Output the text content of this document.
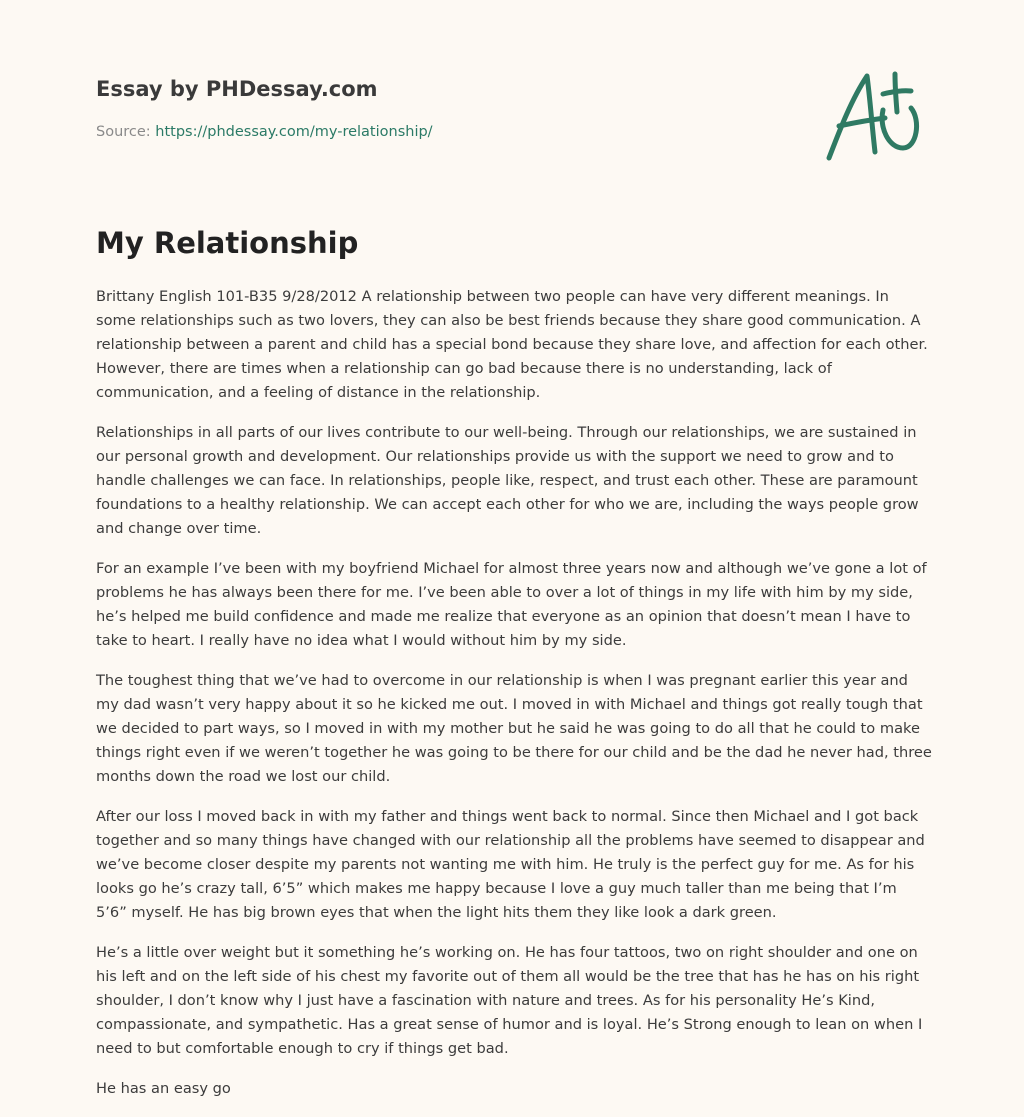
Essay by PHDessay.com
Source: https://phdessay.com/my-relationship/
My Relationship

Brittany English 101-B35 9/28/2012 A relationship between two people can have very different meanings. In some relationships such as two lovers, they can also be best friends because they share good communication. A relationship between a parent and child has a special bond because they share love, and affection for each other. However, there are times when a relationship can go bad because there is no understanding, lack of communication, and a feeling of distance in the relationship.

Relationships in all parts of our lives contribute to our well-being. Through our relationships, we are sustained in our personal growth and development. Our relationships provide us with the support we need to grow and to handle challenges we can face. In relationships, people like, respect, and trust each other. These are paramount foundations to a healthy relationship. We can accept each other for who we are, including the ways people grow and change over time.

For an example I’ve been with my boyfriend Michael for almost three years now and although we’ve gone a lot of problems he has always been there for me. I’ve been able to over a lot of things in my life with him by my side, he’s helped me build confidence and made me realize that everyone as an opinion that doesn’t mean I have to take to heart. I really have no idea what I would without him by my side.

The toughest thing that we’ve had to overcome in our relationship is when I was pregnant earlier this year and my dad wasn’t very happy about it so he kicked me out. I moved in with Michael and things got really tough that we decided to part ways, so I moved in with my mother but he said he was going to do all that he could to make things right even if we weren’t together he was going to be there for our child and be the dad he never had, three months down the road we lost our child.

After our loss I moved back in with my father and things went back to normal. Since then Michael and I got back together and so many things have changed with our relationship all the problems have seemed to disappear and we’ve become closer despite my parents not wanting me with him. He truly is the perfect guy for me. As for his looks go he’s crazy tall, 6’5” which makes me happy because I love a guy much taller than me being that I’m 5’6” myself. He has big brown eyes that when the light hits them they like look a dark green.

He’s a little over weight but it something he’s working on. He has four tattoos, two on right shoulder and one on his left and on the left side of his chest my favorite out of them all would be the tree that has he has on his right shoulder, I don’t know why I just have a fascination with nature and trees. As for his personality He’s Kind, compassionate, and sympathetic. Has a great sense of humor and is loyal. He’s Strong enough to lean on when I need to but comfortable enough to cry if things get bad.

He has an easy go
